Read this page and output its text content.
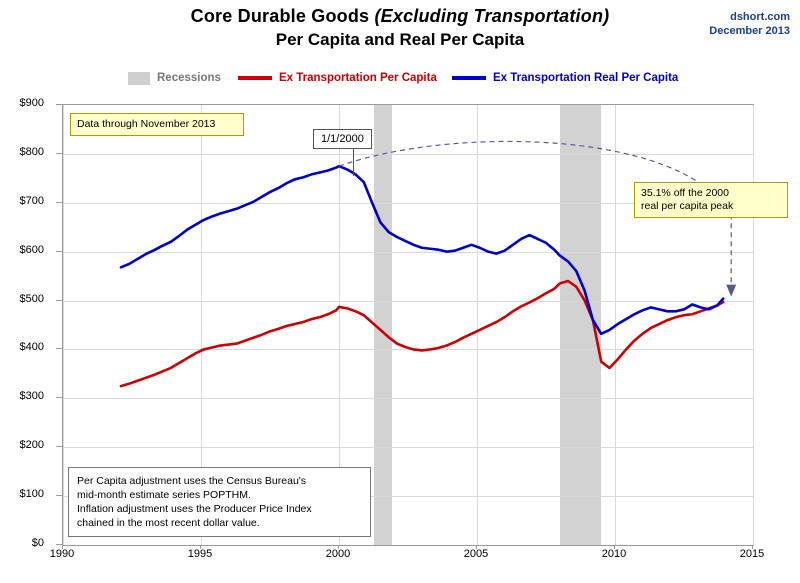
Core Durable Goods (Excluding Transportation)
Per Capita and Real Per Capita
dshort.com
December 2013
Recessions	Ex Transportation Per Capita	Ex Transportation Real Per Capita
1990	1995	2000	2005	2010	2015
$0
$100
$200
$300
$400
$500
$600
$700
$800
$900
Data through November 2013
1/1/2000
35.1% off the 2000
real per capita peak
Per Capita adjustment uses the Census Bureau's
mid-month estimate series POPTHM.
Inflation adjustment uses the Producer Price Index
chained in the most recent dollar value.
